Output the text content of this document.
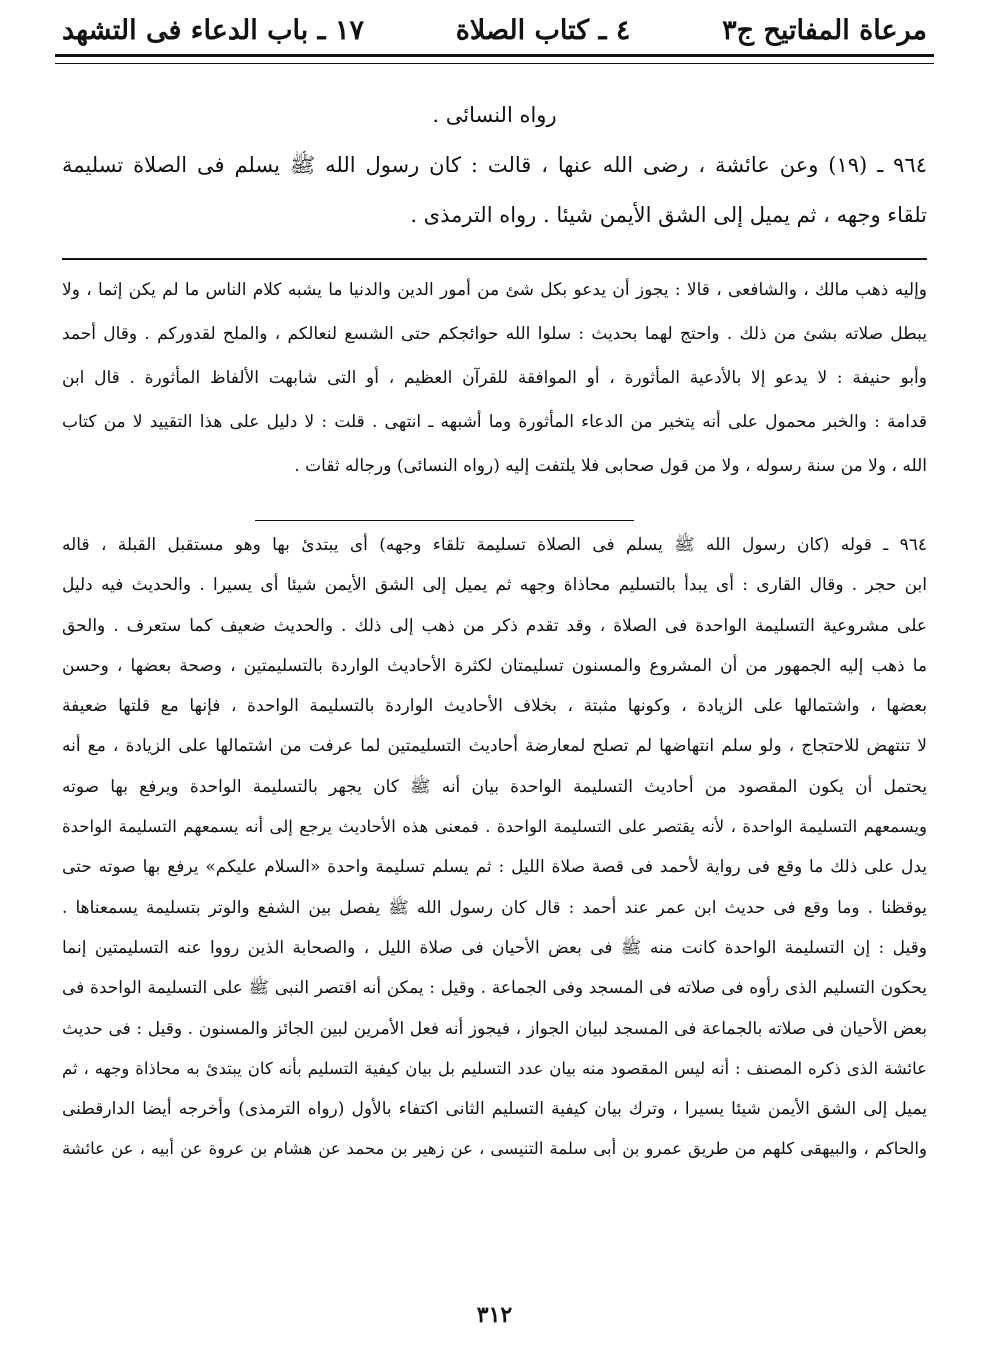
مرعاة المفاتيح ج٣
٤ ـ كتاب الصلاة
١٧ ـ باب الدعاء فى التشهد
رواه النسائى .
٩٦٤ ـ (١٩) وعن عائشة ، رضى الله عنها ، قالت : كان رسول الله ﷺ يسلم فى الصلاة تسليمة
تلقاء وجهه ، ثم يميل إلى الشق الأيمن شيئا . رواه الترمذى .
وإليه ذهب مالك ، والشافعى ، قالا : يجوز أن يدعو بكل شئ من أمور الدين والدنيا ما يشبه كلام الناس ما لم يكن إثما ، ولا
يبطل صلاته بشئ من ذلك . واحتج لهما بحديث : سلوا الله حوائجكم حتى الشسع لنعالكم ، والملح لقدوركم . وقال أحمد
وأبو حنيفة : لا يدعو إلا بالأدعية المأثورة ، أو الموافقة للقرآن العظيم ، أو التى شابهت الألفاظ المأثورة . قال ابن
قدامة : والخبر محمول على أنه يتخير من الدعاء المأثورة وما أشبهه ـ انتهى . قلت : لا دليل على هذا التقييد لا من كتاب
الله ، ولا من سنة رسوله ، ولا من قول صحابى فلا يلتفت إليه (رواه النسائى) ورجاله ثقات .
٩٦٤ ـ قوله (كان رسول الله ﷺ يسلم فى الصلاة تسليمة تلقاء وجهه) أى يبتدئ بها وهو مستقبل القبلة ، قاله
ابن حجر . وقال القارى : أى يبدأ بالتسليم محاذاة وجهه ثم يميل إلى الشق الأيمن شيئا أى يسيرا . والحديث فيه دليل
على مشروعية التسليمة الواحدة فى الصلاة ، وقد تقدم ذكر من ذهب إلى ذلك . والحديث ضعيف كما ستعرف . والحق
ما ذهب إليه الجمهور من أن المشروع والمسنون تسليمتان لكثرة الأحاديث الواردة بالتسليمتين ، وصحة بعضها ، وحسن
بعضها ، واشتمالها على الزيادة ، وكونها مثبتة ، بخلاف الأحاديث الواردة بالتسليمة الواحدة ، فإنها مع قلتها ضعيفة
لا تنتهض للاحتجاج ، ولو سلم انتهاضها لم تصلح لمعارضة أحاديث التسليمتين لما عرفت من اشتمالها على الزيادة ، مع أنه
يحتمل أن يكون المقصود من أحاديث التسليمة الواحدة بيان أنه ﷺ كان يجهر بالتسليمة الواحدة ويرفع بها صوته
ويسمعهم التسليمة الواحدة ، لأنه يقتصر على التسليمة الواحدة . فمعنى هذه الأحاديث يرجع إلى أنه يسمعهم التسليمة الواحدة
يدل على ذلك ما وقع فى رواية لأحمد فى قصة صلاة الليل : ثم يسلم تسليمة واحدة «السلام عليكم» يرفع بها صوته حتى
يوقظنا . وما وقع فى حديث ابن عمر عند أحمد : قال كان رسول الله ﷺ يفصل بين الشفع والوتر بتسليمة يسمعناها .
وقيل : إن التسليمة الواحدة كانت منه ﷺ فى بعض الأحيان فى صلاة الليل ، والصحابة الذين رووا عنه التسليمتين إنما
يحكون التسليم الذى رأوه فى صلاته فى المسجد وفى الجماعة . وقيل : يمكن أنه اقتصر النبى ﷺ على التسليمة الواحدة فى
بعض الأحيان فى صلاته بالجماعة فى المسجد لبيان الجواز ، فيجوز أنه فعل الأمرين لبين الجائز والمسنون . وقيل : فى حديث
عائشة الذى ذكره المصنف : أنه ليس المقصود منه بيان عدد التسليم بل بيان كيفية التسليم بأنه كان يبتدئ به محاذاة وجهه ، ثم
يميل إلى الشق الأيمن شيئا يسيرا ، وترك بيان كيفية التسليم الثانى اكتفاء بالأول (رواه الترمذى) وأخرجه أيضا الدارقطنى
والحاكم ، والبيهقى كلهم من طريق عمرو بن أبى سلمة التنيسى ، عن زهير بن محمد عن هشام بن عروة عن أبيه ، عن عائشة
٣١٢
